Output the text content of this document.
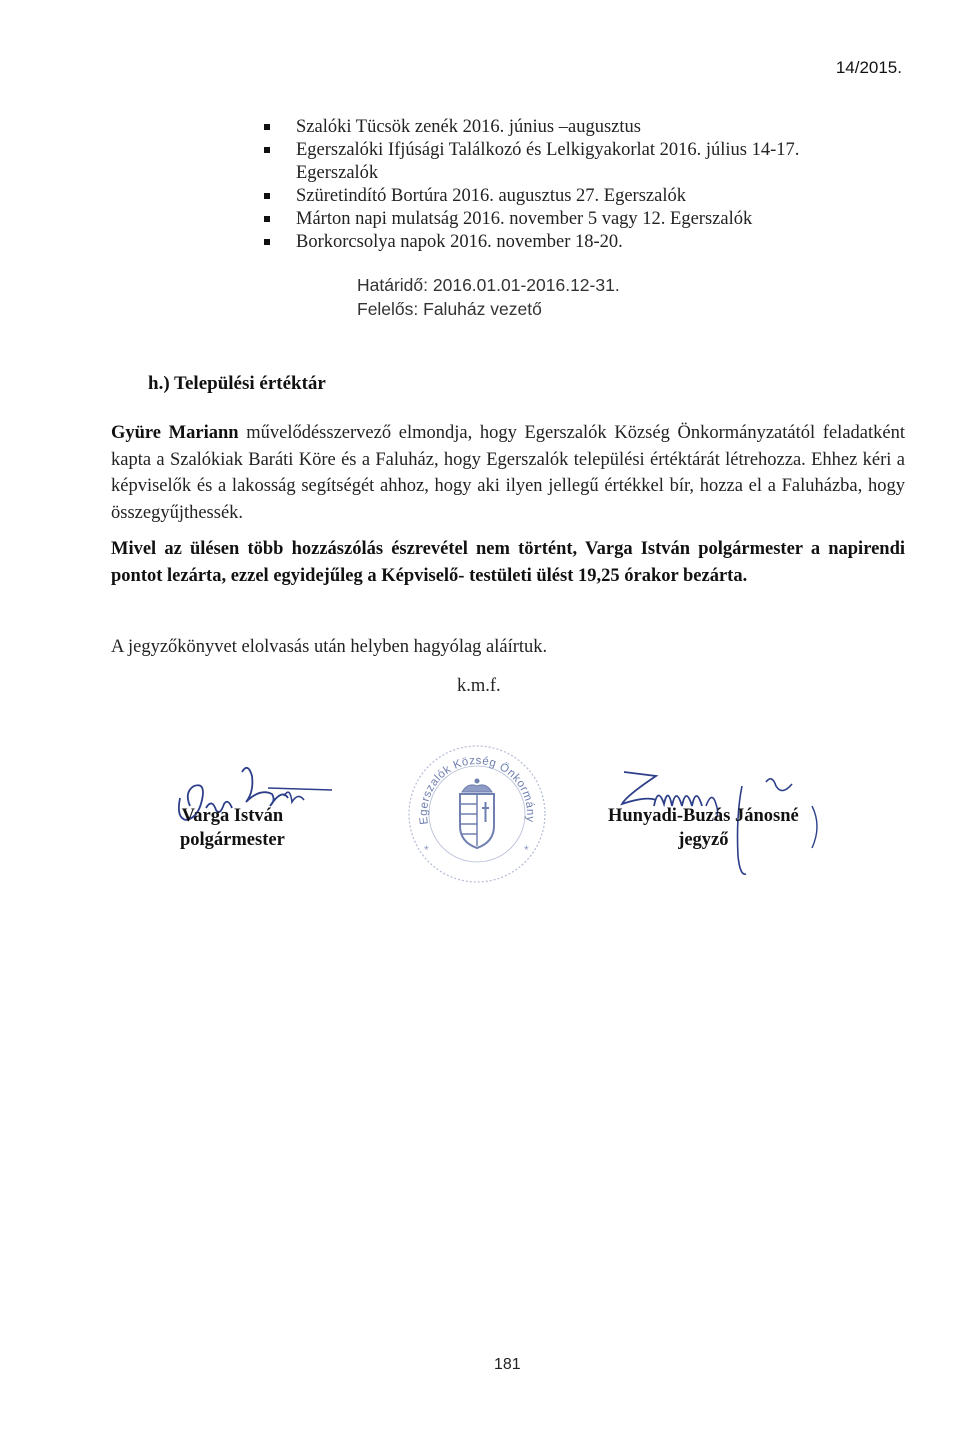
14/2015.
Szalóki Tücsök zenék 2016. június –augusztus
Egerszalóki Ifjúsági Találkozó és Lelkigyakorlat 2016. július 14-17.
Egerszalók
Szüretindító Bortúra 2016. augusztus 27. Egerszalók
Márton napi mulatság 2016. november 5 vagy 12. Egerszalók
Borkorcsolya napok 2016. november 18-20.
Határidő: 2016.01.01-2016.12-31.
Felelős: Faluház vezető
h.) Települési értéktár
Gyüre Mariann művelődésszervező elmondja, hogy Egerszalók Község Önkormányzatától feladatként kapta a Szalókiak Baráti Köre és a Faluház, hogy Egerszalók települési értéktárát létrehozza. Ehhez kéri a képviselők és a lakosság segítségét ahhoz, hogy aki ilyen jellegű értékkel bír, hozza el a Faluházba, hogy összegyűjthessék.
Mivel az ülésen több hozzászólás észrevétel nem történt, Varga István polgármester a napirendi pontot lezárta, ezzel egyidejűleg a Képviselő- testületi ülést 19,25 órakor bezárta.
A jegyzőkönyvet elolvasás után helyben hagyólag aláírtuk.
k.m.f.
Egerszalók Község Önkormányzata
*	*
Varga István
polgármester
Hunyadi-Buzás Jánosné
jegyző
181
